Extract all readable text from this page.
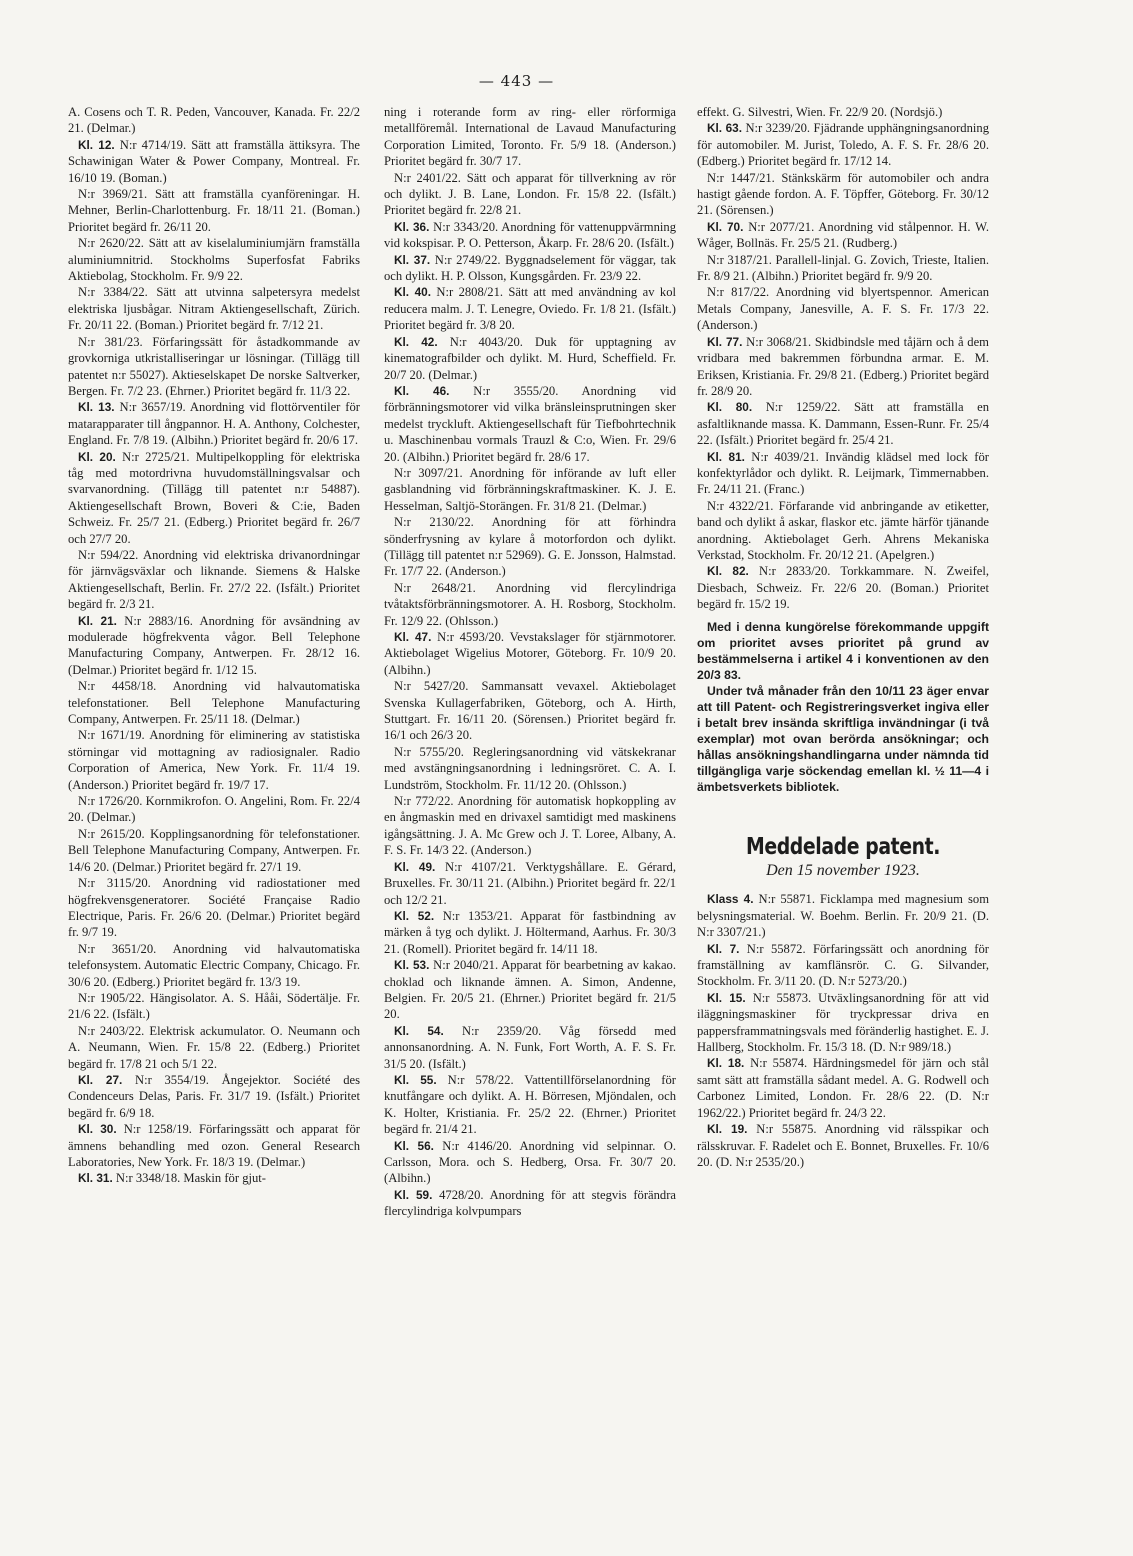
— 443 —

A. Cosens och T. R. Peden, Vancouver, Kanada. Fr. 22/2 21. (Delmar.)

Kl. 12. N:r 4714/19. Sätt att framställa ättiksyra. The Schawinigan Water & Power Company, Montreal. Fr. 16/10 19. (Boman.)

N:r 3969/21. Sätt att framställa cyanföreningar. H. Mehner, Berlin-Charlottenburg. Fr. 18/11 21. (Boman.) Prioritet begärd fr. 26/11 20.

N:r 2620/22. Sätt att av kiselaluminiumjärn framställa aluminiumnitrid. Stockholms Superfosfat Fabriks Aktiebolag, Stockholm. Fr. 9/9 22.

N:r 3384/22. Sätt att utvinna salpetersyra medelst elektriska ljusbågar. Nitram Aktiengesellschaft, Zürich. Fr. 20/11 22. (Boman.) Prioritet begärd fr. 7/12 21.

N:r 381/23. Förfaringssätt för åstadkommande av grovkorniga utkristalliseringar ur lösningar. (Tillägg till patentet n:r 55027). Aktieselskapet De norske Saltverker, Bergen. Fr. 7/2 23. (Ehrner.) Prioritet begärd fr. 11/3 22.

Kl. 13. N:r 3657/19. Anordning vid flottörventiler för matarapparater till ångpannor. H. A. Anthony, Colchester, England. Fr. 7/8 19. (Albihn.) Prioritet begärd fr. 20/6 17.

Kl. 20. N:r 2725/21. Multipelkoppling för elektriska tåg med motordrivna huvudomställningsvalsar och svarvanordning. (Tillägg till patentet n:r 54887). Aktiengesellschaft Brown, Boveri & C:ie, Baden Schweiz. Fr. 25/7 21. (Edberg.) Prioritet begärd fr. 26/7 och 27/7 20.

N:r 594/22. Anordning vid elektriska drivanordningar för järnvägsväxlar och liknande. Siemens & Halske Aktiengesellschaft, Berlin. Fr. 27/2 22. (Isfält.) Prioritet begärd fr. 2/3 21.

Kl. 21. N:r 2883/16. Anordning för avsändning av modulerade högfrekventa vågor. Bell Telephone Manufacturing Company, Antwerpen. Fr. 28/12 16. (Delmar.) Prioritet begärd fr. 1/12 15.

N:r 4458/18. Anordning vid halvautomatiska telefonstationer. Bell Telephone Manufacturing Company, Antwerpen. Fr. 25/11 18. (Delmar.)

N:r 1671/19. Anordning för eliminering av statistiska störningar vid mottagning av radiosignaler. Radio Corporation of America, New York. Fr. 11/4 19. (Anderson.) Prioritet begärd fr. 19/7 17.

N:r 1726/20. Kornmikrofon. O. Angelini, Rom. Fr. 22/4 20. (Delmar.)

N:r 2615/20. Kopplingsanordning för telefonstationer. Bell Telephone Manufacturing Company, Antwerpen. Fr. 14/6 20. (Delmar.) Prioritet begärd fr. 27/1 19.

N:r 3115/20. Anordning vid radiostationer med högfrekvensgeneratorer. Société Française Radio Electrique, Paris. Fr. 26/6 20. (Delmar.) Prioritet begärd fr. 9/7 19.

N:r 3651/20. Anordning vid halvautomatiska telefonsystem. Automatic Electric Company, Chicago. Fr. 30/6 20. (Edberg.) Prioritet begärd fr. 13/3 19.

N:r 1905/22. Hängisolator. A. S. Hååi, Södertälje. Fr. 21/6 22. (Isfält.)

N:r 2403/22. Elektrisk ackumulator. O. Neumann och A. Neumann, Wien. Fr. 15/8 22. (Edberg.) Prioritet begärd fr. 17/8 21 och 5/1 22.

Kl. 27. N:r 3554/19. Ångejektor. Société des Condenceurs Delas, Paris. Fr. 31/7 19. (Isfält.) Prioritet begärd fr. 6/9 18.

Kl. 30. N:r 1258/19. Förfaringssätt och apparat för ämnens behandling med ozon. General Research Laboratories, New York. Fr. 18/3 19. (Delmar.)

Kl. 31. N:r 3348/18. Maskin för gjut-

ning i roterande form av ring- eller rörformiga metallföremål. International de Lavaud Manufacturing Corporation Limited, Toronto. Fr. 5/9 18. (Anderson.) Prioritet begärd fr. 30/7 17.

N:r 2401/22. Sätt och apparat för tillverkning av rör och dylikt. J. B. Lane, London. Fr. 15/8 22. (Isfält.) Prioritet begärd fr. 22/8 21.

Kl. 36. N:r 3343/20. Anordning för vattenuppvärmning vid kokspisar. P. O. Petterson, Åkarp. Fr. 28/6 20. (Isfält.)

Kl. 37. N:r 2749/22. Byggnadselement för väggar, tak och dylikt. H. P. Olsson, Kungsgården. Fr. 23/9 22.

Kl. 40. N:r 2808/21. Sätt att med användning av kol reducera malm. J. T. Lenegre, Oviedo. Fr. 1/8 21. (Isfält.) Prioritet begärd fr. 3/8 20.

Kl. 42. N:r 4043/20. Duk för upptagning av kinematografbilder och dylikt. M. Hurd, Scheffield. Fr. 20/7 20. (Delmar.)

Kl. 46. N:r 3555/20. Anordning vid förbränningsmotorer vid vilka bränsleinsprutningen sker medelst tryckluft. Aktiengesellschaft für Tiefbohrtechnik u. Maschinenbau vormals Trauzl & C:o, Wien. Fr. 29/6 20. (Albihn.) Prioritet begärd fr. 28/6 17.

N:r 3097/21. Anordning för införande av luft eller gasblandning vid förbränningskraftmaskiner. K. J. E. Hesselman, Saltjö-Storängen. Fr. 31/8 21. (Delmar.)

N:r 2130/22. Anordning för att förhindra sönderfrysning av kylare å motorfordon och dylikt. (Tillägg till patentet n:r 52969). G. E. Jonsson, Halmstad. Fr. 17/7 22. (Anderson.)

N:r 2648/21. Anordning vid flercylindriga tvåtaktsförbränningsmotorer. A. H. Rosborg, Stockholm. Fr. 12/9 22. (Ohlsson.)

Kl. 47. N:r 4593/20. Vevstakslager för stjärnmotorer. Aktiebolaget Wigelius Motorer, Göteborg. Fr. 10/9 20. (Albihn.)

N:r 5427/20. Sammansatt vevaxel. Aktiebolaget Svenska Kullagerfabriken, Göteborg, och A. Hirth, Stuttgart. Fr. 16/11 20. (Sörensen.) Prioritet begärd fr. 16/1 och 26/3 20.

N:r 5755/20. Regleringsanordning vid vätskekranar med avstängningsanordning i ledningsröret. C. A. I. Lundström, Stockholm. Fr. 11/12 20. (Ohlsson.)

N:r 772/22. Anordning för automatisk hopkoppling av en ångmaskin med en drivaxel samtidigt med maskinens igångsättning. J. A. Mc Grew och J. T. Loree, Albany, A. F. S. Fr. 14/3 22. (Anderson.)

Kl. 49. N:r 4107/21. Verktygshållare. E. Gérard, Bruxelles. Fr. 30/11 21. (Albihn.) Prioritet begärd fr. 22/1 och 12/2 21.

Kl. 52. N:r 1353/21. Apparat för fastbindning av märken å tyg och dylikt. J. Höltermand, Aarhus. Fr. 30/3 21. (Romell). Prioritet begärd fr. 14/11 18.

Kl. 53. N:r 2040/21. Apparat för bearbetning av kakao. choklad och liknande ämnen. A. Simon, Andenne, Belgien. Fr. 20/5 21. (Ehrner.) Prioritet begärd fr. 21/5 20.

Kl. 54. N:r 2359/20. Våg försedd med annonsanordning. A. N. Funk, Fort Worth, A. F. S. Fr. 31/5 20. (Isfält.)

Kl. 55. N:r 578/22. Vattentillförselanordning för knutfångare och dylikt. A. H. Börresen, Mjöndalen, och K. Holter, Kristiania. Fr. 25/2 22. (Ehrner.) Prioritet begärd fr. 21/4 21.

Kl. 56. N:r 4146/20. Anordning vid selpinnar. O. Carlsson, Mora. och S. Hedberg, Orsa. Fr. 30/7 20. (Albihn.)

Kl. 59. 4728/20. Anordning för att stegvis förändra flercylindriga kolvpumpars

effekt. G. Silvestri, Wien. Fr. 22/9 20. (Nordsjö.)

Kl. 63. N:r 3239/20. Fjädrande upphängningsanordning för automobiler. M. Jurist, Toledo, A. F. S. Fr. 28/6 20. (Edberg.) Prioritet begärd fr. 17/12 14.

N:r 1447/21. Stänkskärm för automobiler och andra hastigt gående fordon. A. F. Töpffer, Göteborg. Fr. 30/12 21. (Sörensen.)

Kl. 70. N:r 2077/21. Anordning vid stålpennor. H. W. Wåger, Bollnäs. Fr. 25/5 21. (Rudberg.)

N:r 3187/21. Parallell-linjal. G. Zovich, Trieste, Italien. Fr. 8/9 21. (Albihn.) Prioritet begärd fr. 9/9 20.

N:r 817/22. Anordning vid blyertspennor. American Metals Company, Janesville, A. F. S. Fr. 17/3 22. (Anderson.)

Kl. 77. N:r 3068/21. Skidbindsle med tåjärn och å dem vridbara med bakremmen förbundna armar. E. M. Eriksen, Kristiania. Fr. 29/8 21. (Edberg.) Prioritet begärd fr. 28/9 20.

Kl. 80. N:r 1259/22. Sätt att framställa en asfaltliknande massa. K. Dammann, Essen-Runr. Fr. 25/4 22. (Isfält.) Prioritet begärd fr. 25/4 21.

Kl. 81. N:r 4039/21. Invändig klädsel med lock för konfektyrlådor och dylikt. R. Leijmark, Timmernabben. Fr. 24/11 21. (Franc.)

N:r 4322/21. Förfarande vid anbringande av etiketter, band och dylikt å askar, flaskor etc. jämte härför tjänande anordning. Aktiebolaget Gerh. Ahrens Mekaniska Verkstad, Stockholm. Fr. 20/12 21. (Apelgren.)

Kl. 82. N:r 2833/20. Torkkammare. N. Zweifel, Diesbach, Schweiz. Fr. 22/6 20. (Boman.) Prioritet begärd fr. 15/2 19.

Med i denna kungörelse förekommande uppgift om prioritet avses prioritet på grund av bestämmelserna i artikel 4 i konventionen av den 20/3 83.

Under två månader från den 10/11 23 äger envar att till Patent- och Registreringsverket ingiva eller i betalt brev insända skriftliga invändningar (i två exemplar) mot ovan berörda ansökningar; och hållas ansökningshandlingarna under nämnda tid tillgängliga varje söckendag emellan kl. ½ 11—4 i ämbetsverkets bibliotek.

Meddelade patent.
Den 15 november 1923.

Klass 4. N:r 55871. Ficklampa med magnesium som belysningsmaterial. W. Boehm. Berlin. Fr. 20/9 21. (D. N:r 3307/21.)

Kl. 7. N:r 55872. Förfaringssätt och anordning för framställning av kamflänsrör. C. G. Silvander, Stockholm. Fr. 3/11 20. (D. N:r 5273/20.)

Kl. 15. N:r 55873. Utväxlingsanordning för att vid iläggningsmaskiner för tryckpressar driva en pappersframmatningsvals med föränderlig hastighet. E. J. Hallberg, Stockholm. Fr. 15/3 18. (D. N:r 989/18.)

Kl. 18. N:r 55874. Härdningsmedel för järn och stål samt sätt att framställa sådant medel. A. G. Rodwell och Carbonez Limited, London. Fr. 28/6 22. (D. N:r 1962/22.) Prioritet begärd fr. 24/3 22.

Kl. 19. N:r 55875. Anordning vid rälsspikar och rälsskruvar. F. Radelet och E. Bonnet, Bruxelles. Fr. 10/6 20. (D. N:r 2535/20.)
